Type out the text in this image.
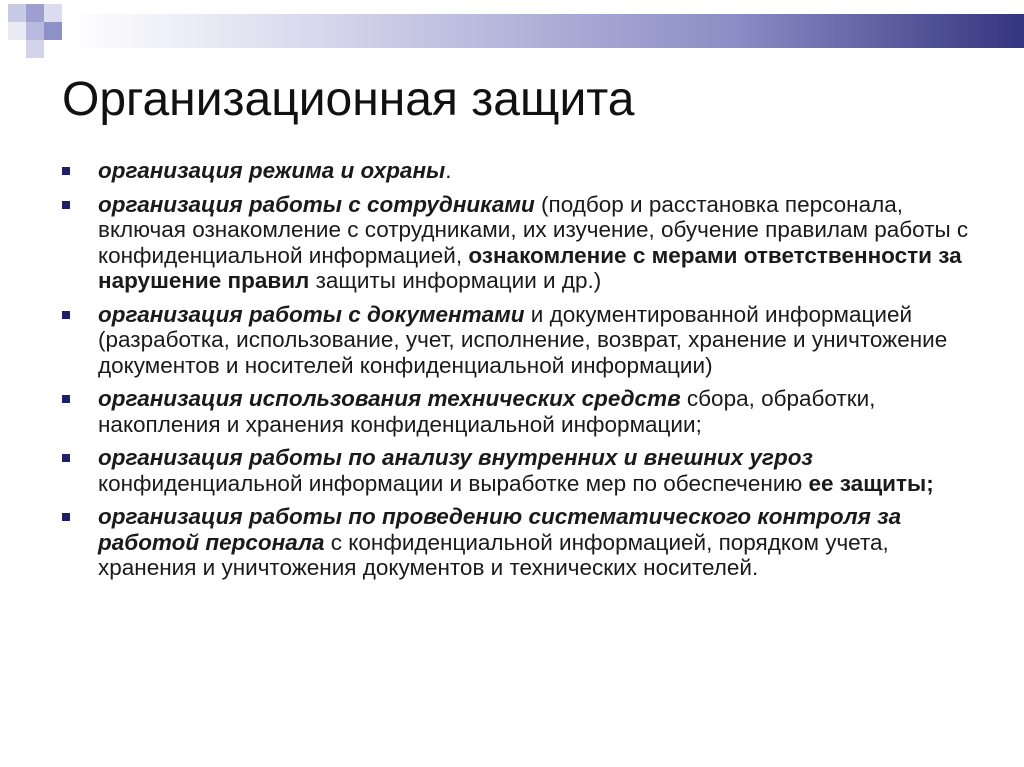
Организационная защита
организация режима и охраны.
организация работы с сотрудниками (подбор и расстановка персонала, включая ознакомление с сотрудниками, их изучение, обучение правилам работы с конфиденциальной информацией, ознакомление с мерами ответственности за нарушение правил защиты информации и др.)
организация работы с документами и документированной информацией (разработка, использование, учет, исполнение, возврат, хранение и уничтожение документов и носителей конфиденциальной информации)
организация использования технических средств сбора, обработки, накопления и хранения конфиденциальной информации;
организация работы по анализу внутренних и внешних угроз конфиденциальной информации и выработке мер по обеспечению ее защиты;
организация работы по проведению систематического контроля за работой персонала с конфиденциальной информацией, порядком учета, хранения и уничтожения документов и технических носителей.
